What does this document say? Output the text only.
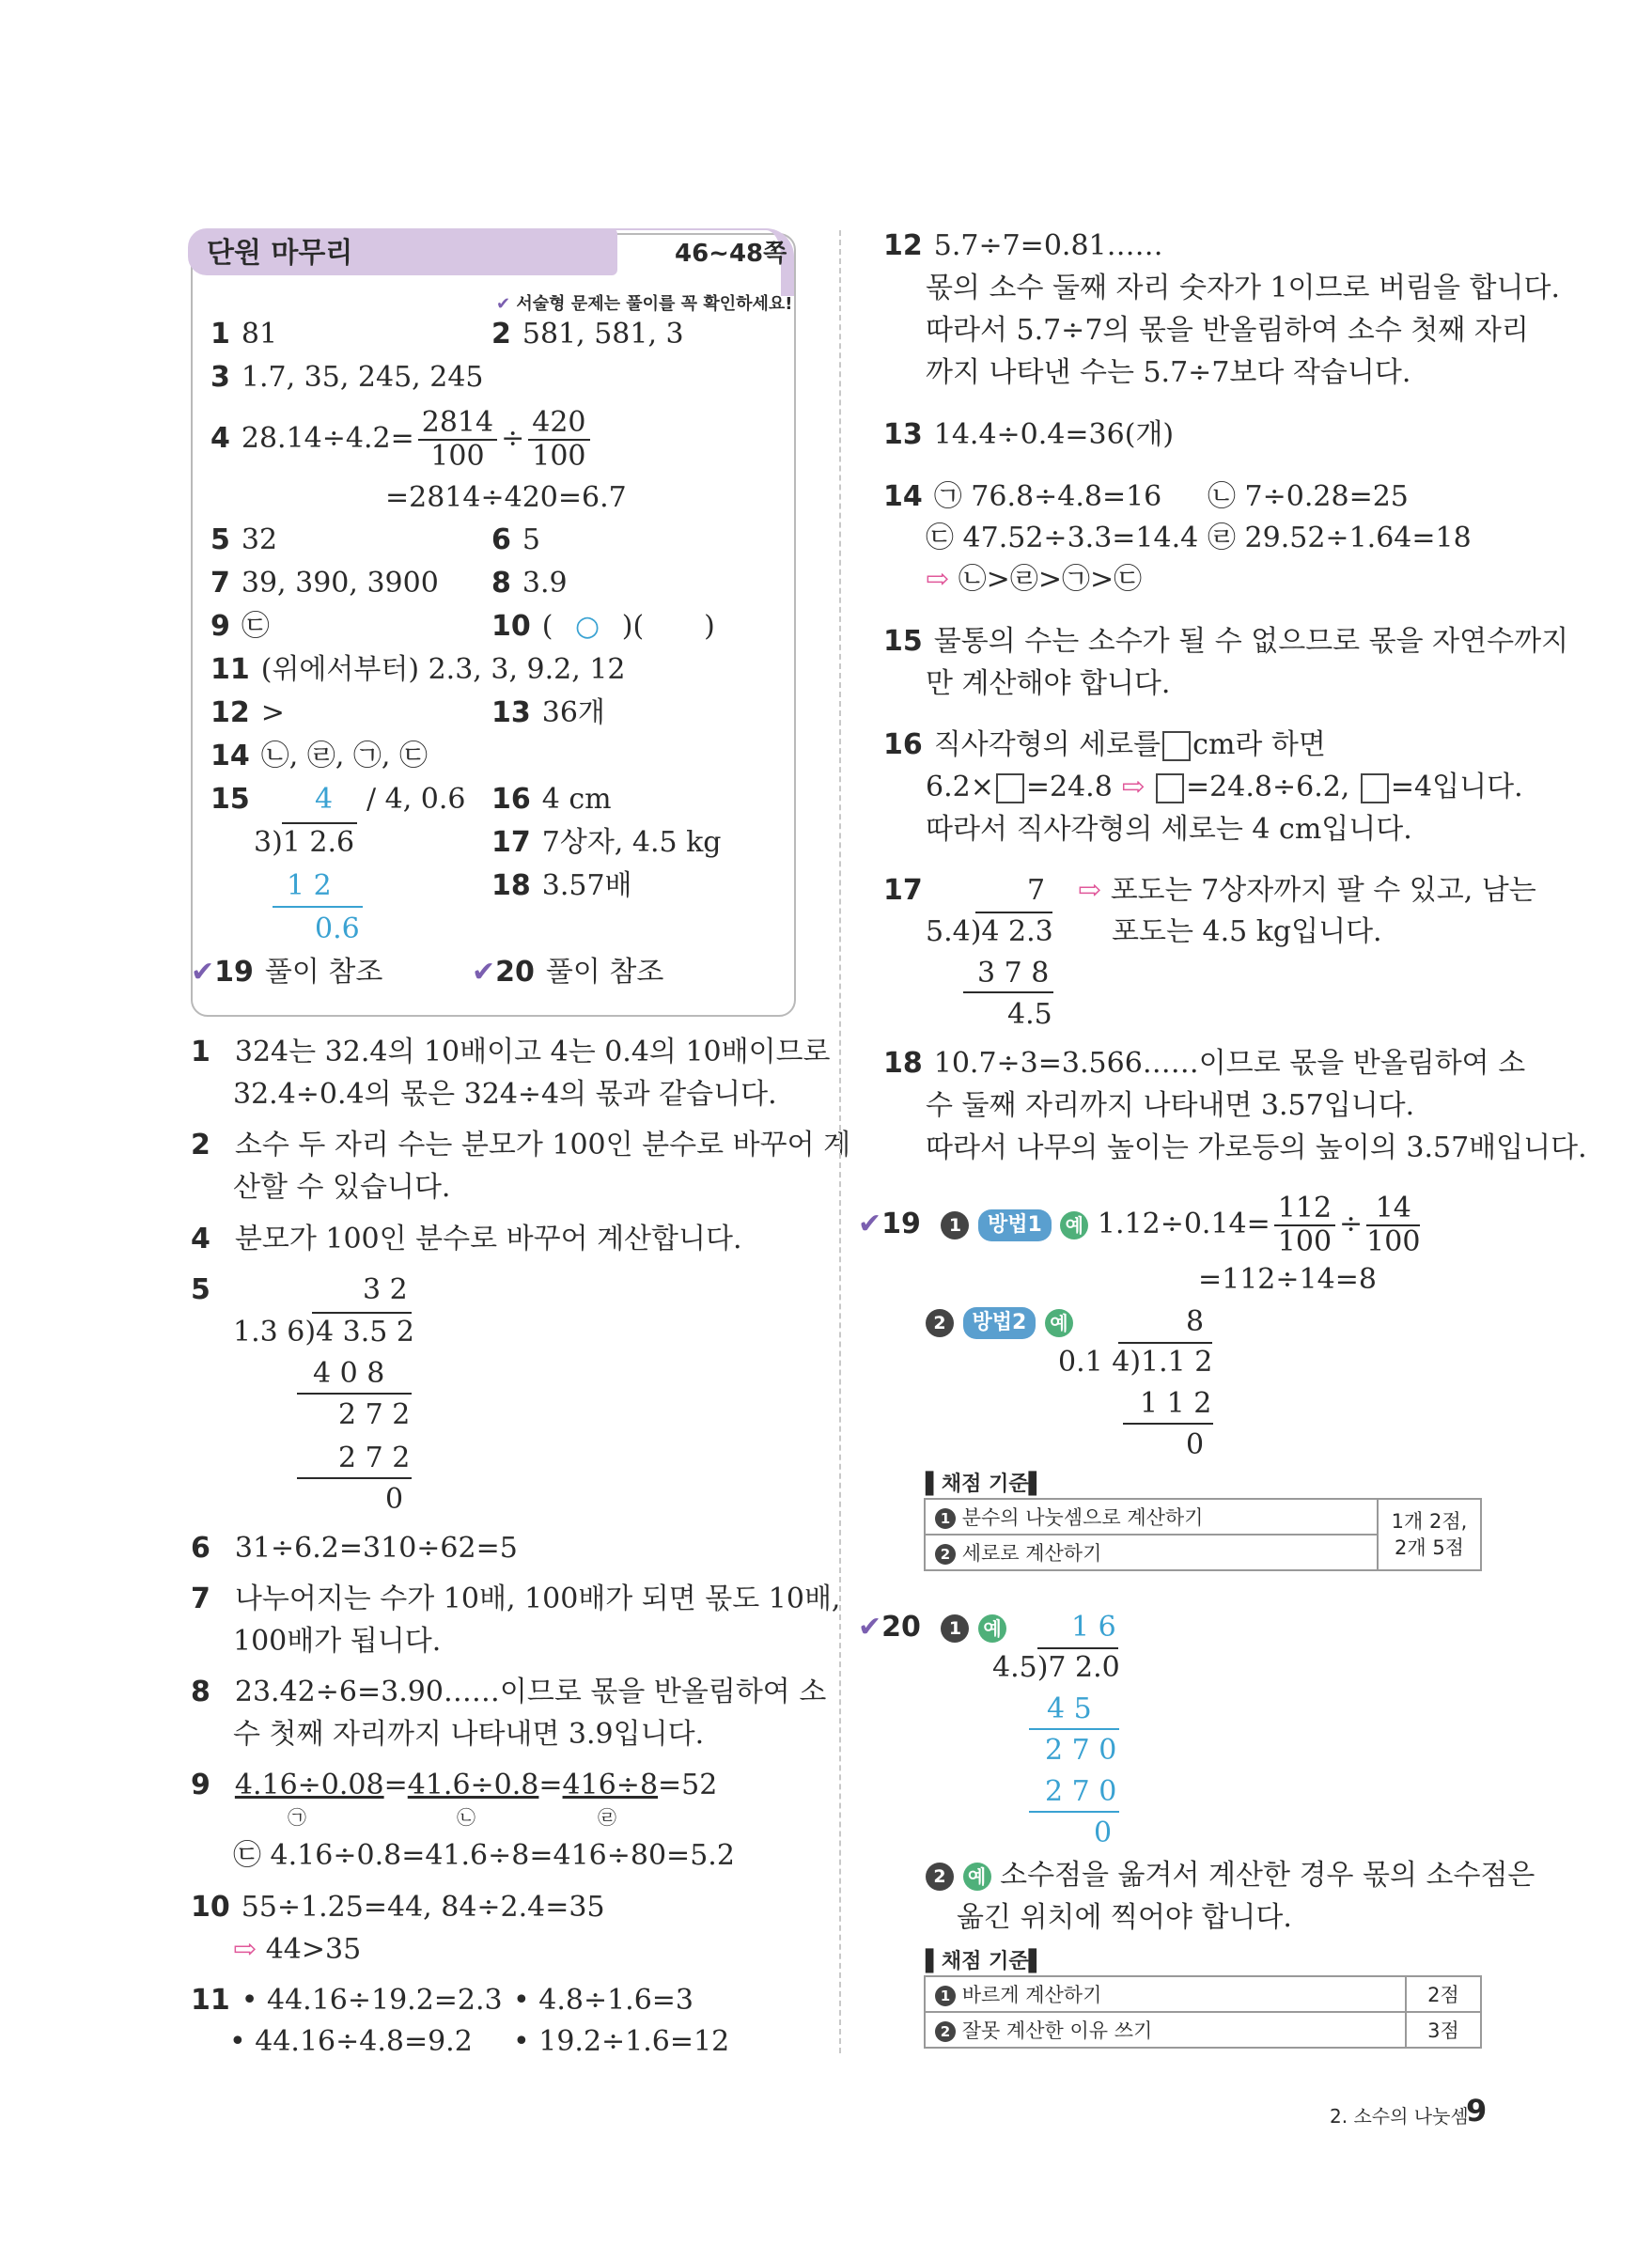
단원 마무리	46~48쪽
✔ 서술형 문제는 풀이를 꼭 확인하세요!
1 81	2 581, 581, 3
3 1.7, 35, 245, 245
4 $28.14\div 4.2= \frac{2814}{100} \div \frac{420}{100}$
=2814÷420=6.7
5 32	6 5
7 39, 390, 3900 8 3.9
9 ㉢	10 ( ○ )( )
11 (위에서부터) 2.3, 3, 9.2, 12
12 >	13 36개
14 ㉡, ㉣, ㉠, ㉢
15	4 / 4, 0.6
3)1 2.6
1 2
0.6
16 4 cm
17 7상자, 4.5 kg
18 3.57배
✔19 풀이 참조	✔20 풀이 참조
1 324는 32.4의 10배이고 4는 0.4의 10배이므로
32.4÷0.4의 몫은 324÷4의 몫과 같습니다.
2 소수 두 자리 수는 분모가 100인 분수로 바꾸어 계
산할 수 있습니다.
4 분모가 100인 분수로 바꾸어 계산합니다.
5	3 2
1.3 6)4 3.5 2
4 0 8
2 7 2
2 7 2
0
6 31÷6.2=310÷62=5
7 나누어지는 수가 10배, 100배가 되면 몫도 10배,
100배가 됩니다.
8 23.42÷6=3.90……이므로 몫을 반올림하여 소
수 첫째 자리까지 나타내면 3.9입니다.
9 4.16÷0.08=41.6÷0.8=416÷8=52
㉠	㉡	㉣
㉢ 4.16÷0.8=41.6÷8=416÷80=5.2
10 55÷1.25=44, 84÷2.4=35
⇨ 44>35
11 • 44.16÷19.2=2.3 • 4.8÷1.6=3
• 44.16÷4.8=9.2 • 19.2÷1.6=12
12 5.7÷7=0.81……
몫의 소수 둘째 자리 숫자가 1이므로 버림을 합니다.
따라서 5.7÷7의 몫을 반올림하여 소수 첫째 자리
까지 나타낸 수는 5.7÷7보다 작습니다.
13 14.4÷0.4=36(개)
14 ㉠ 76.8÷4.8=16 ㉡ 7÷0.28=25
㉢ 47.52÷3.3=14.4 ㉣ 29.52÷1.64=18
⇨ ㉡>㉣>㉠>㉢
15 물통의 수는 소수가 될 수 없으므로 몫을 자연수까지
만 계산해야 합니다.
16 직사각형의 세로를 cm라 하면
6.2× =24.8 ⇨ =24.8÷6.2, =4입니다.
따라서 직사각형의 세로는 4 cm입니다.
17	7
5.4)4 2.3
3 7 8
4.5
⇨ 포도는 7상자까지 팔 수 있고, 남는
포도는 4.5 kg입니다.
18 10.7÷3=3.566……이므로 몫을 반올림하여 소
수 둘째 자리까지 나타내면 3.57입니다.
따라서 나무의 높이는 가로등의 높이의 3.57배입니다.
✔19 1 방법1 예 $1.12\div 0.14= \frac{112}{100} \div \frac{14}{100}$
=112÷14=8
2 방법2 예	8
0.1 4)1.1 2
1 1 2
0
▌채점 기준▌
1 분수의 나눗셈으로 계산하기	1개 2점,
2개 5점
2 세로로 계산하기
✔20 1 예 1 6
4.5)7 2.0
4 5
2 7 0
2 7 0
0
2 예 소수점을 옮겨서 계산한 경우 몫의 소수점은
옮긴 위치에 찍어야 합니다.
▌채점 기준▌
1 바르게 계산하기	2점
2 잘못 계산한 이유 쓰기	3점
2. 소수의 나눗셈
9
